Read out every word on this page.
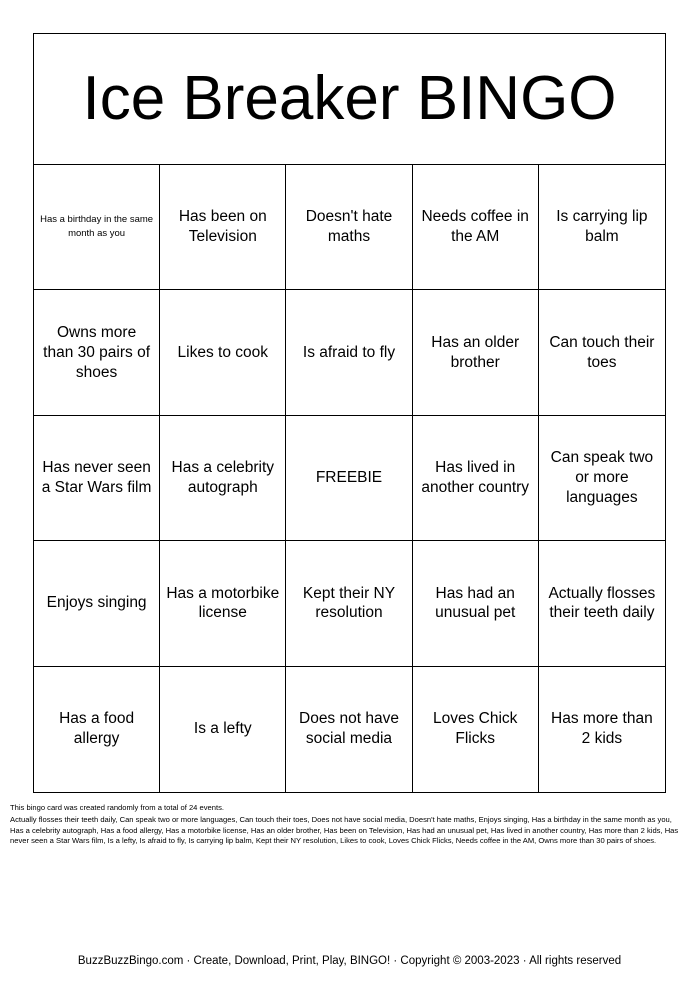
Ice Breaker BINGO
Has a birthday in the same month as you
Has been on Television
Doesn't hate maths
Needs coffee in the AM
Is carrying lip balm
Owns more than 30 pairs of shoes
Likes to cook	Is afraid to fly
Has an older brother
Can touch their toes
Has never seen a Star Wars film
Has a celebrity autograph
FREEBIE
Has lived in another country
Can speak two or more languages
Enjoys singing
Has a motorbike license
Kept their NY resolution
Has had an unusual pet
Actually flosses their teeth daily
Has a food allergy
Is a lefty
Does not have social media
Loves Chick Flicks
Has more than 2 kids

This bingo card was created randomly from a total of 24 events.

Actually flosses their teeth daily, Can speak two or more languages, Can touch their toes, Does not have social media, Doesn't hate maths, Enjoys singing, Has a birthday in the same month as you, Has a celebrity autograph, Has a food allergy, Has a motorbike license, Has an older brother, Has been on Television, Has had an unusual pet, Has lived in another country, Has more than 2 kids, Has never seen a Star Wars film, Is a lefty, Is afraid to fly, Is carrying lip balm, Kept their NY resolution, Likes to cook, Loves Chick Flicks, Needs coffee in the AM, Owns more than 30 pairs of shoes.

BuzzBuzzBingo.com · Create, Download, Print, Play, BINGO! · Copyright © 2003-2023 · All rights reserved
